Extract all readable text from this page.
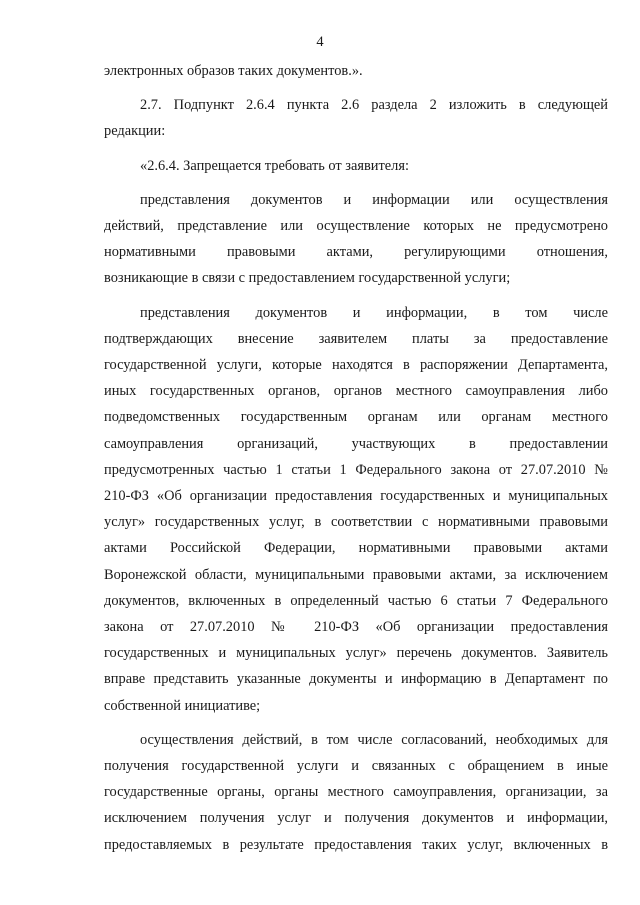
4

электронных образов таких документов.».

2.7. Подпункт 2.6.4 пункта 2.6 раздела 2 изложить в следующей

редакции:

«2.6.4. Запрещается требовать от заявителя:

представления документов и информации или осуществления

действий, представление или осуществление которых не предусмотрено

нормативными правовыми актами, регулирующими отношения,

возникающие в связи с предоставлением государственной услуги;

представления документов и информации, в том числе

подтверждающих внесение заявителем платы за предоставление

государственной услуги, которые находятся в распоряжении Департамента,

иных государственных органов, органов местного самоуправления либо

подведомственных государственным органам или органам местного

самоуправления организаций, участвующих в предоставлении

предусмотренных частью 1 статьи 1 Федерального закона от 27.07.2010 №

210-ФЗ «Об организации предоставления государственных и муниципальных

услуг» государственных услуг, в соответствии с нормативными правовыми

актами Российской Федерации, нормативными правовыми актами

Воронежской области, муниципальными правовыми актами, за исключением

документов, включенных в определенный частью 6 статьи 7 Федерального

закона от 27.07.2010 № 210-ФЗ «Об организации предоставления

государственных и муниципальных услуг» перечень документов. Заявитель

вправе представить указанные документы и информацию в Департамент по

собственной инициативе;

осуществления действий, в том числе согласований, необходимых для

получения государственной услуги и связанных с обращением в иные

государственные органы, органы местного самоуправления, организации, за

исключением получения услуг и получения документов и информации,

предоставляемых в результате предоставления таких услуг, включенных в
